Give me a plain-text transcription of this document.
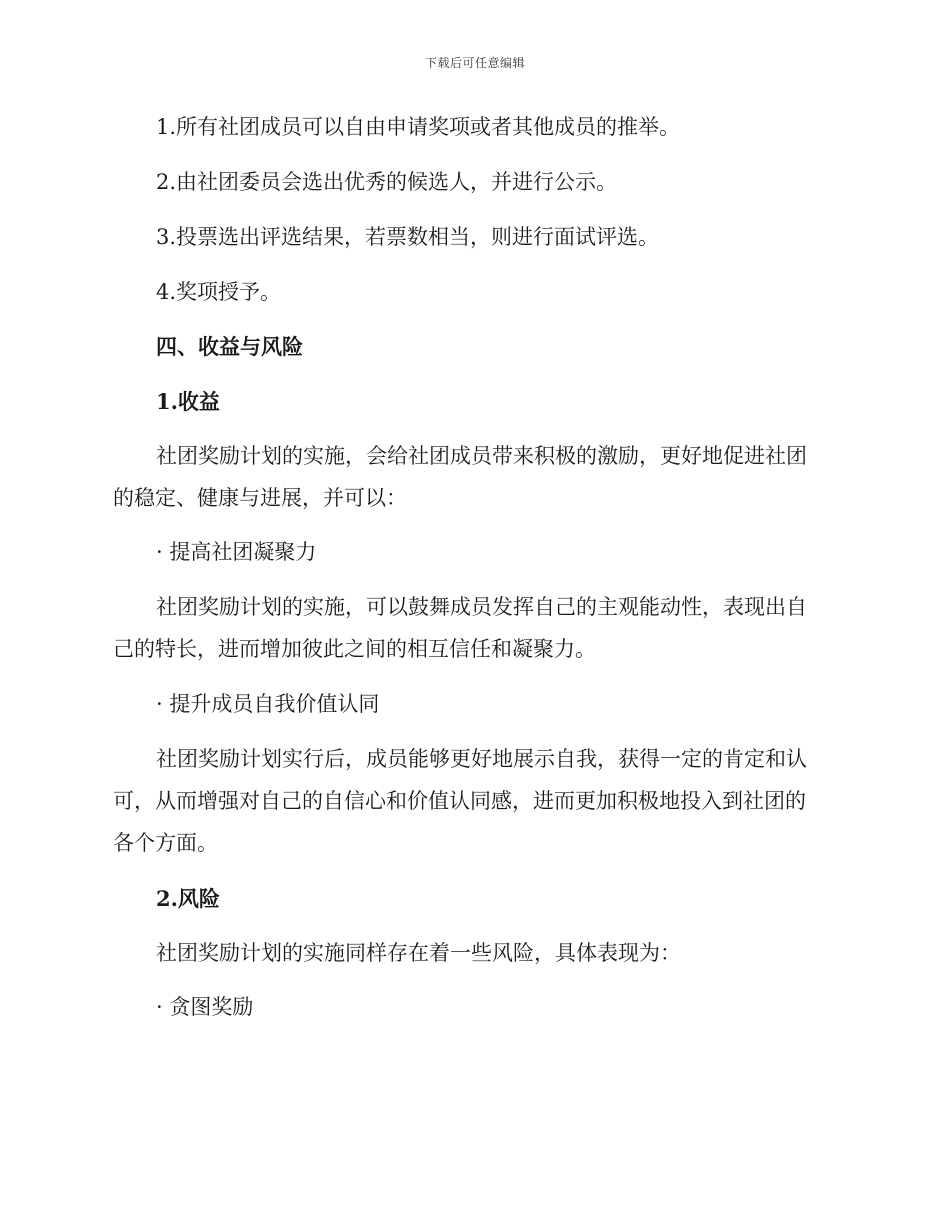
下载后可任意编辑
1.所有社团成员可以自由申请奖项或者其他成员的推举。
2.由社团委员会选出优秀的候选人，并进行公示。
3.投票选出评选结果，若票数相当，则进行面试评选。
4.奖项授予。
四、收益与风险
1.收益
社团奖励计划的实施，会给社团成员带来积极的激励，更好地促进社团
的稳定、健康与进展，并可以：
· 提高社团凝聚力
社团奖励计划的实施，可以鼓舞成员发挥自己的主观能动性，表现出自
己的特长，进而增加彼此之间的相互信任和凝聚力。
· 提升成员自我价值认同
社团奖励计划实行后，成员能够更好地展示自我，获得一定的肯定和认
可，从而增强对自己的自信心和价值认同感，进而更加积极地投入到社团的
各个方面。
2.风险
社团奖励计划的实施同样存在着一些风险，具体表现为：
· 贪图奖励
